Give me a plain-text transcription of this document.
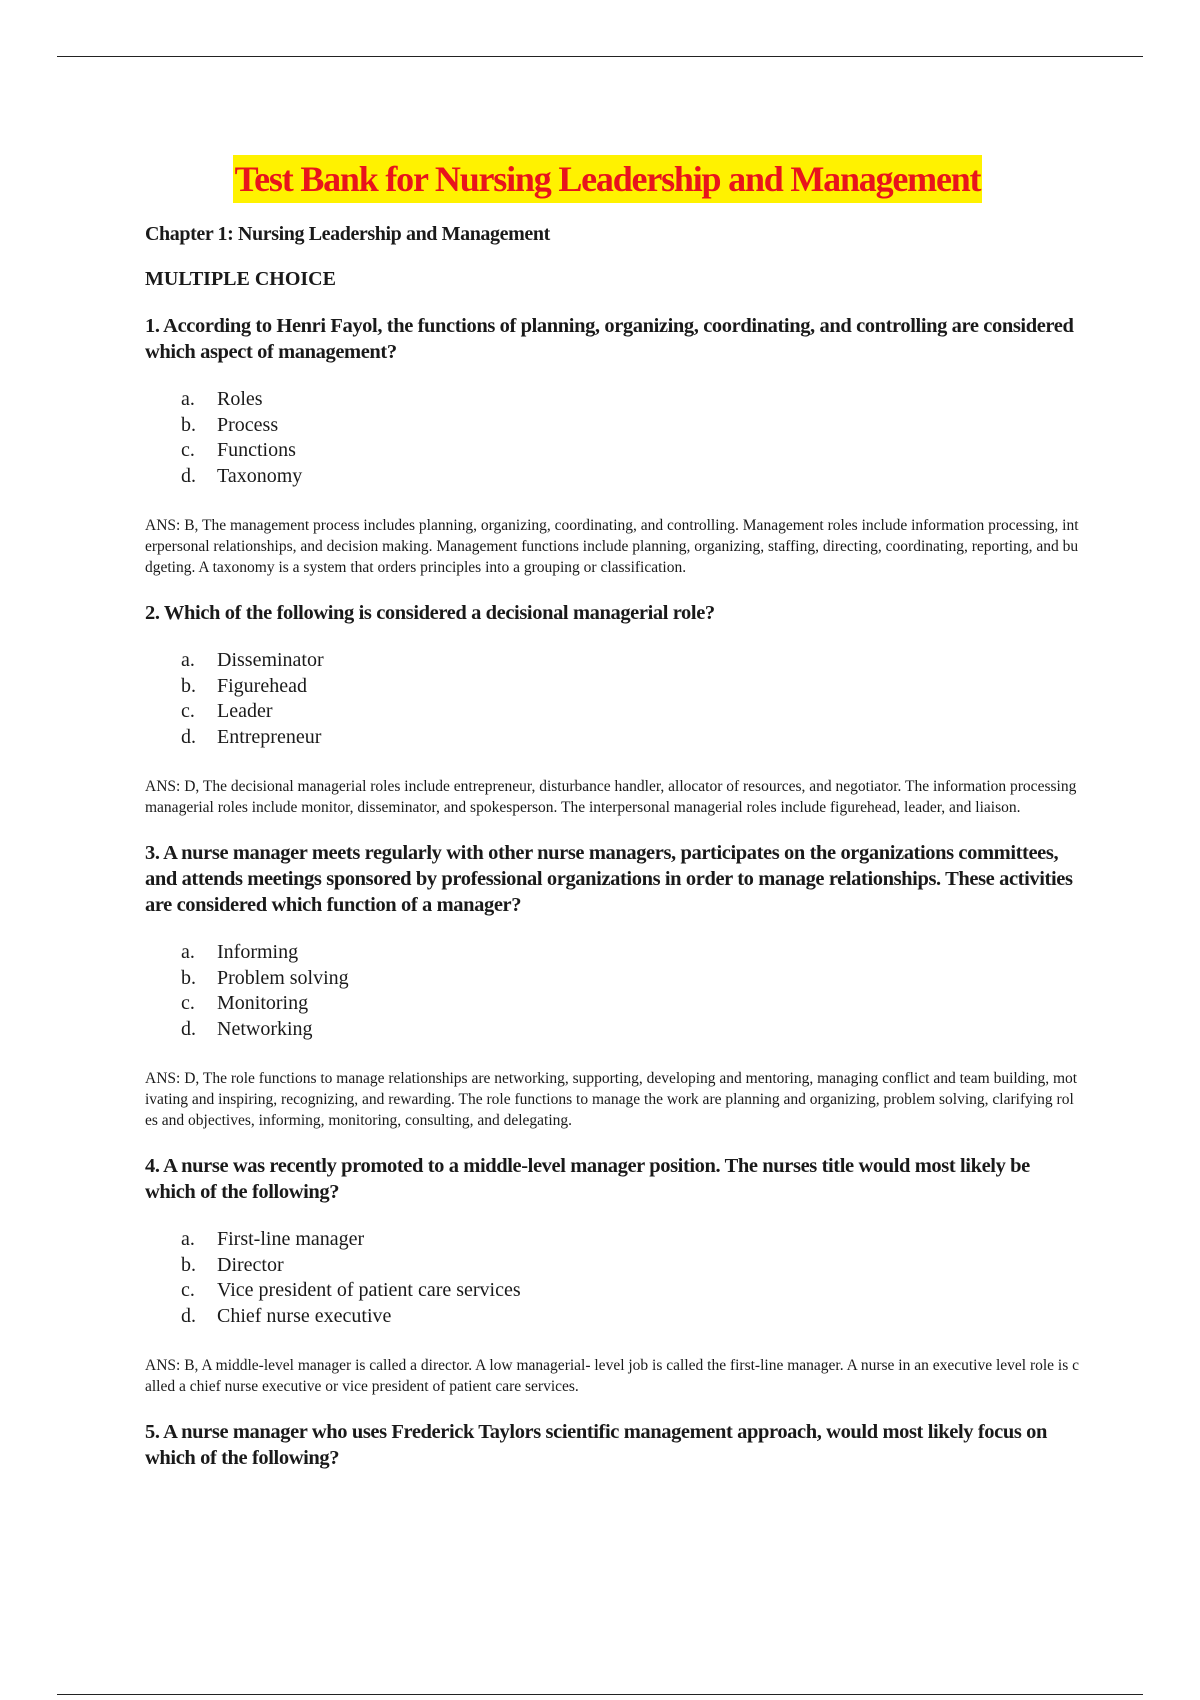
Test Bank for Nursing Leadership and Management
Chapter 1: Nursing Leadership and Management
MULTIPLE CHOICE
1. According to Henri Fayol, the functions of planning, organizing, coordinating, and controlling are considered which aspect of management?
a.	Roles
b.	Process
c.	Functions
d.	Taxonomy
ANS: B, The management process includes planning, organizing, coordinating, and controlling. Management roles include information processing, interpersonal relationships, and decision making. Management functions include planning, organizing, staffing, directing, coordinating, reporting, and budgeting. A taxonomy is a system that orders principles into a grouping or classification.
2. Which of the following is considered a decisional managerial role?
a.	Disseminator
b.	Figurehead
c.	Leader
d.	Entrepreneur
ANS: D, The decisional managerial roles include entrepreneur, disturbance handler, allocator of resources, and negotiator. The information processing managerial roles include monitor, disseminator, and spokesperson. The interpersonal managerial roles include figurehead, leader, and liaison.
3. A nurse manager meets regularly with other nurse managers, participates on the organizations committees, and attends meetings sponsored by professional organizations in order to manage relationships. These activities are considered which function of a manager?
a.	Informing
b.	Problem solving
c.	Monitoring
d.	Networking
ANS: D, The role functions to manage relationships are networking, supporting, developing and mentoring, managing conflict and team building, motivating and inspiring, recognizing, and rewarding. The role functions to manage the work are planning and organizing, problem solving, clarifying roles and objectives, informing, monitoring, consulting, and delegating.
4. A nurse was recently promoted to a middle-level manager position. The nurses title would most likely be which of the following?
a.	First-line manager
b.	Director
c.	Vice president of patient care services
d.	Chief nurse executive
ANS: B, A middle-level manager is called a director. A low managerial- level job is called the first-line manager. A nurse in an executive level role is called a chief nurse executive or vice president of patient care services.
5. A nurse manager who uses Frederick Taylors scientific management approach, would most likely focus on which of the following?
